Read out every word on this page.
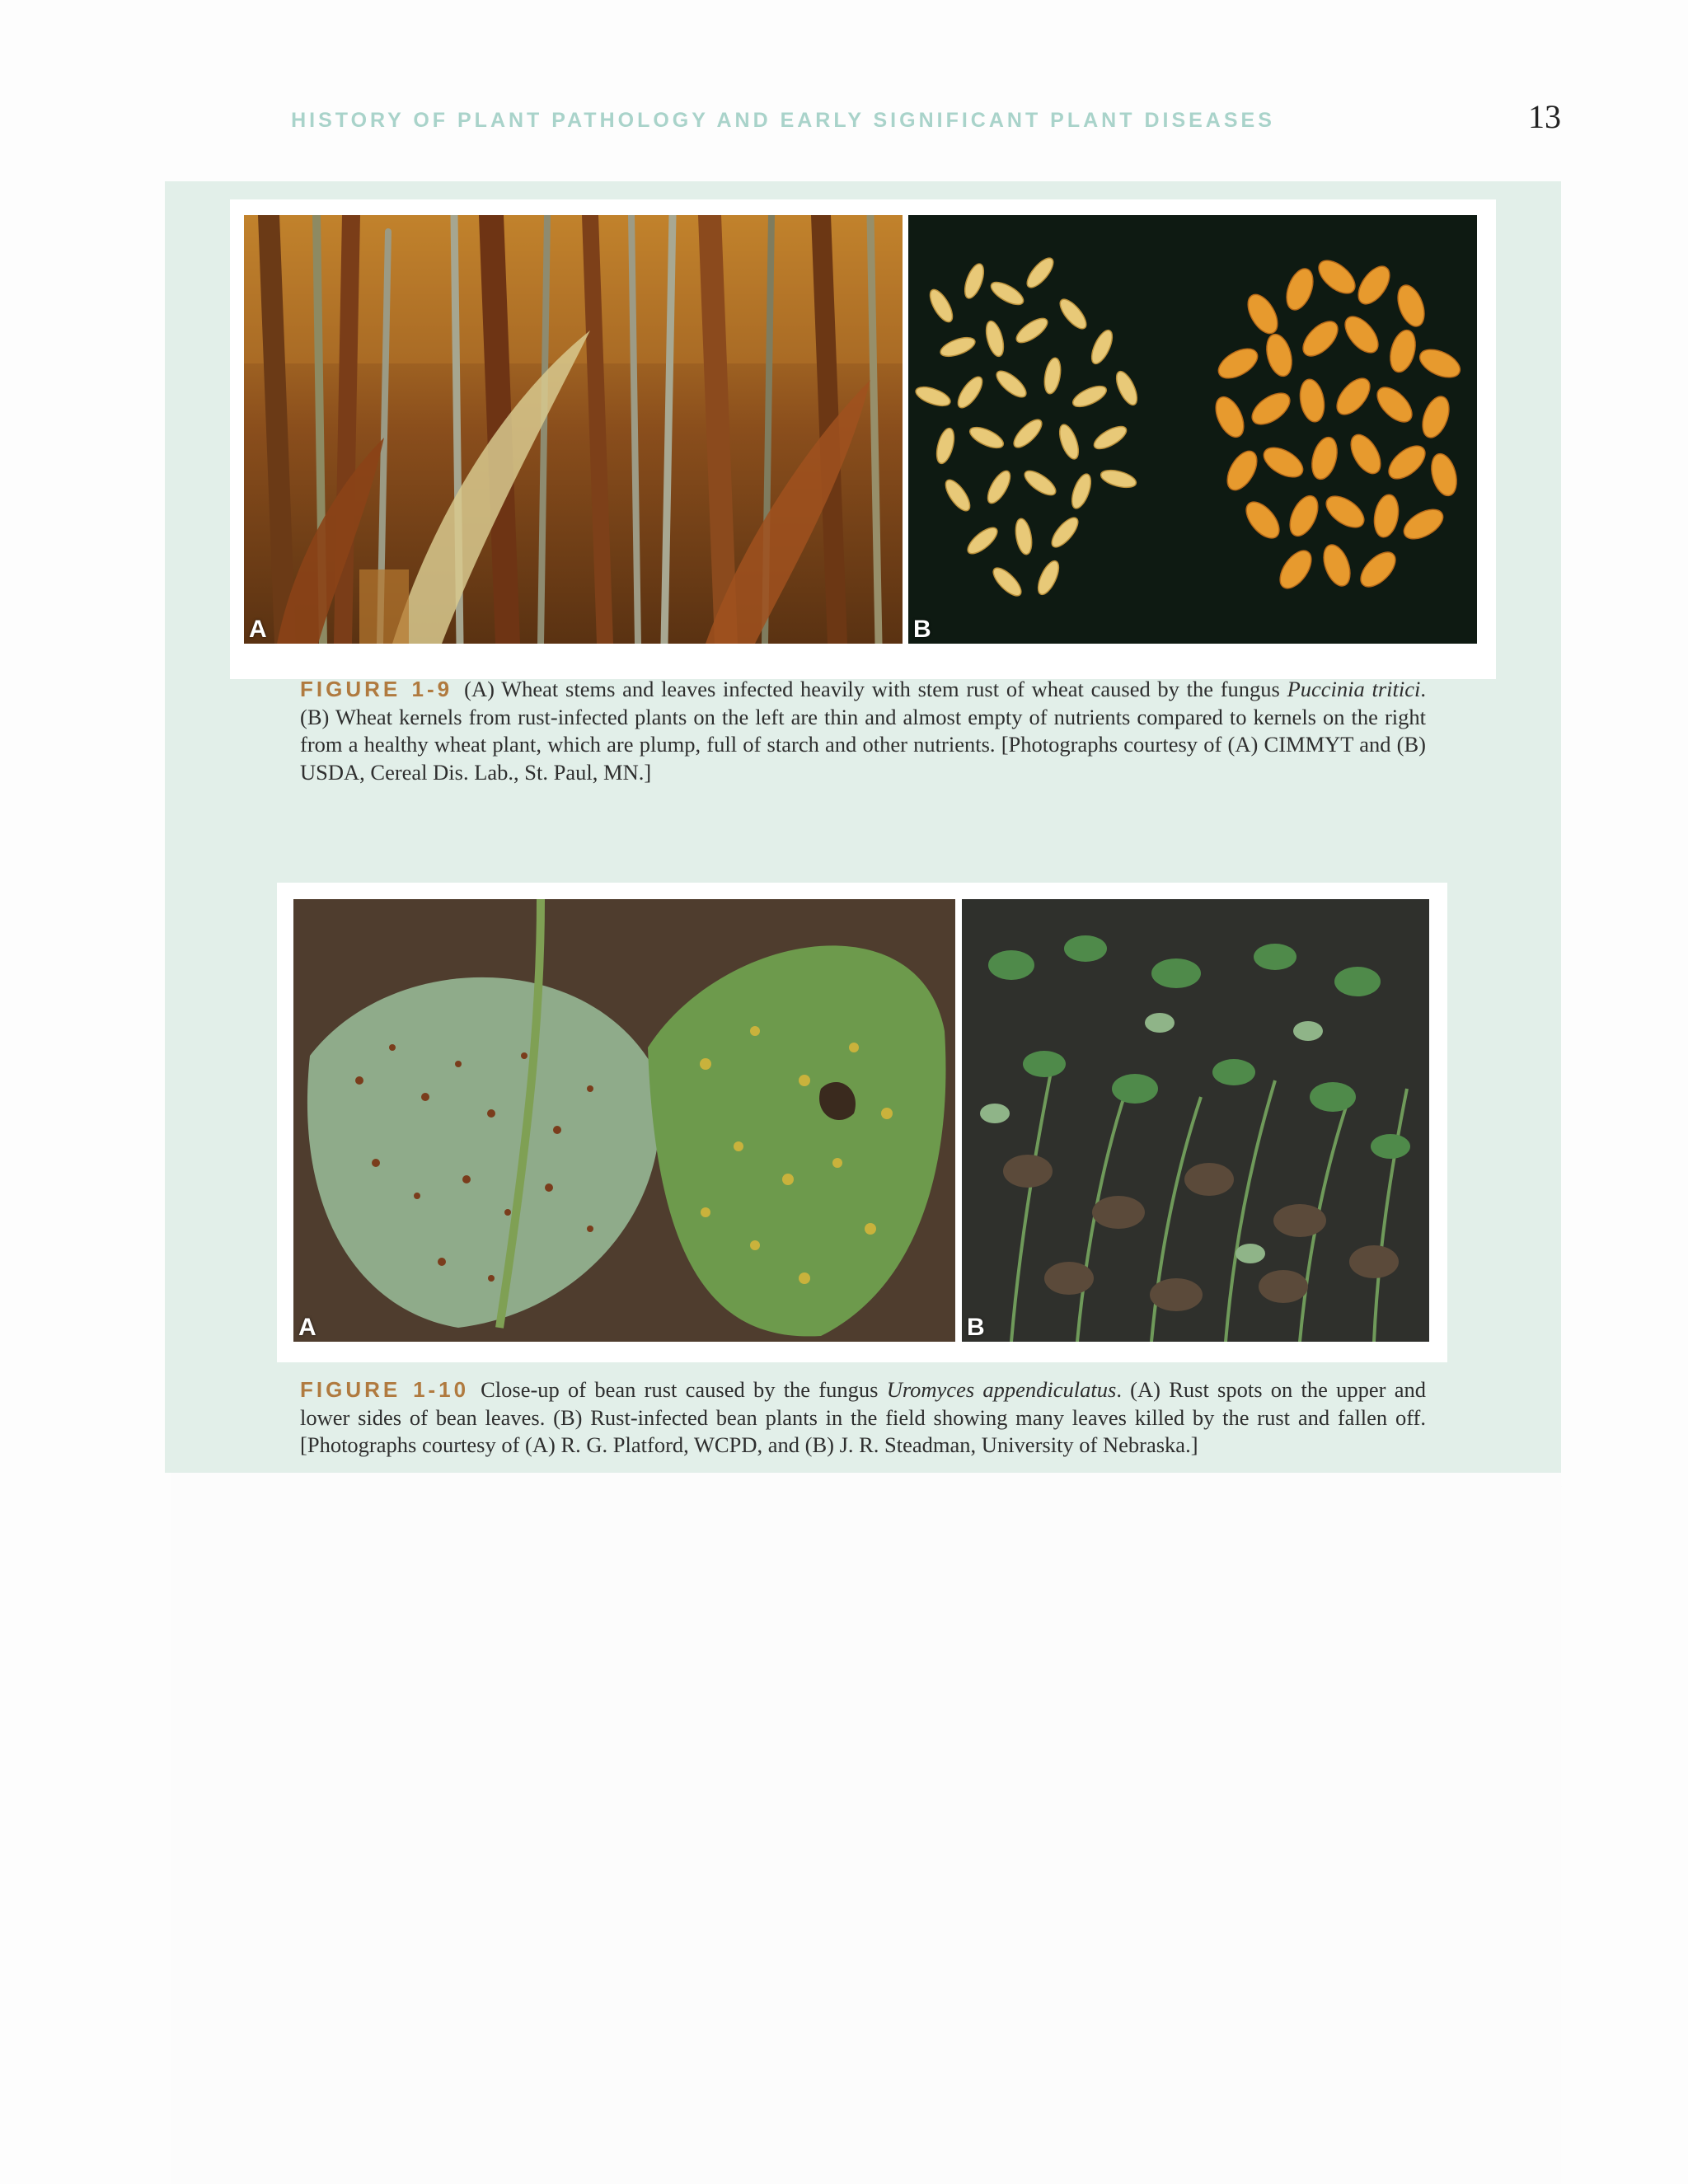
HISTORY OF PLANT PATHOLOGY AND EARLY SIGNIFICANT PLANT DISEASES	13
A	B
FIGURE 1-9 (A) Wheat stems and leaves infected heavily with stem rust of wheat caused by the fungus Puccinia tritici. (B) Wheat kernels from rust-infected plants on the left are thin and almost empty of nutrients compared to kernels on the right from a healthy wheat plant, which are plump, full of starch and other nutrients. [Photographs courtesy of (A) CIMMYT and (B) USDA, Cereal Dis. Lab., St. Paul, MN.]
A	B
FIGURE 1-10 Close-up of bean rust caused by the fungus Uromyces appendiculatus. (A) Rust spots on the upper and lower sides of bean leaves. (B) Rust-infected bean plants in the field showing many leaves killed by the rust and fallen off. [Photographs courtesy of (A) R. G. Platford, WCPD, and (B) J. R. Steadman, University of Nebraska.]
